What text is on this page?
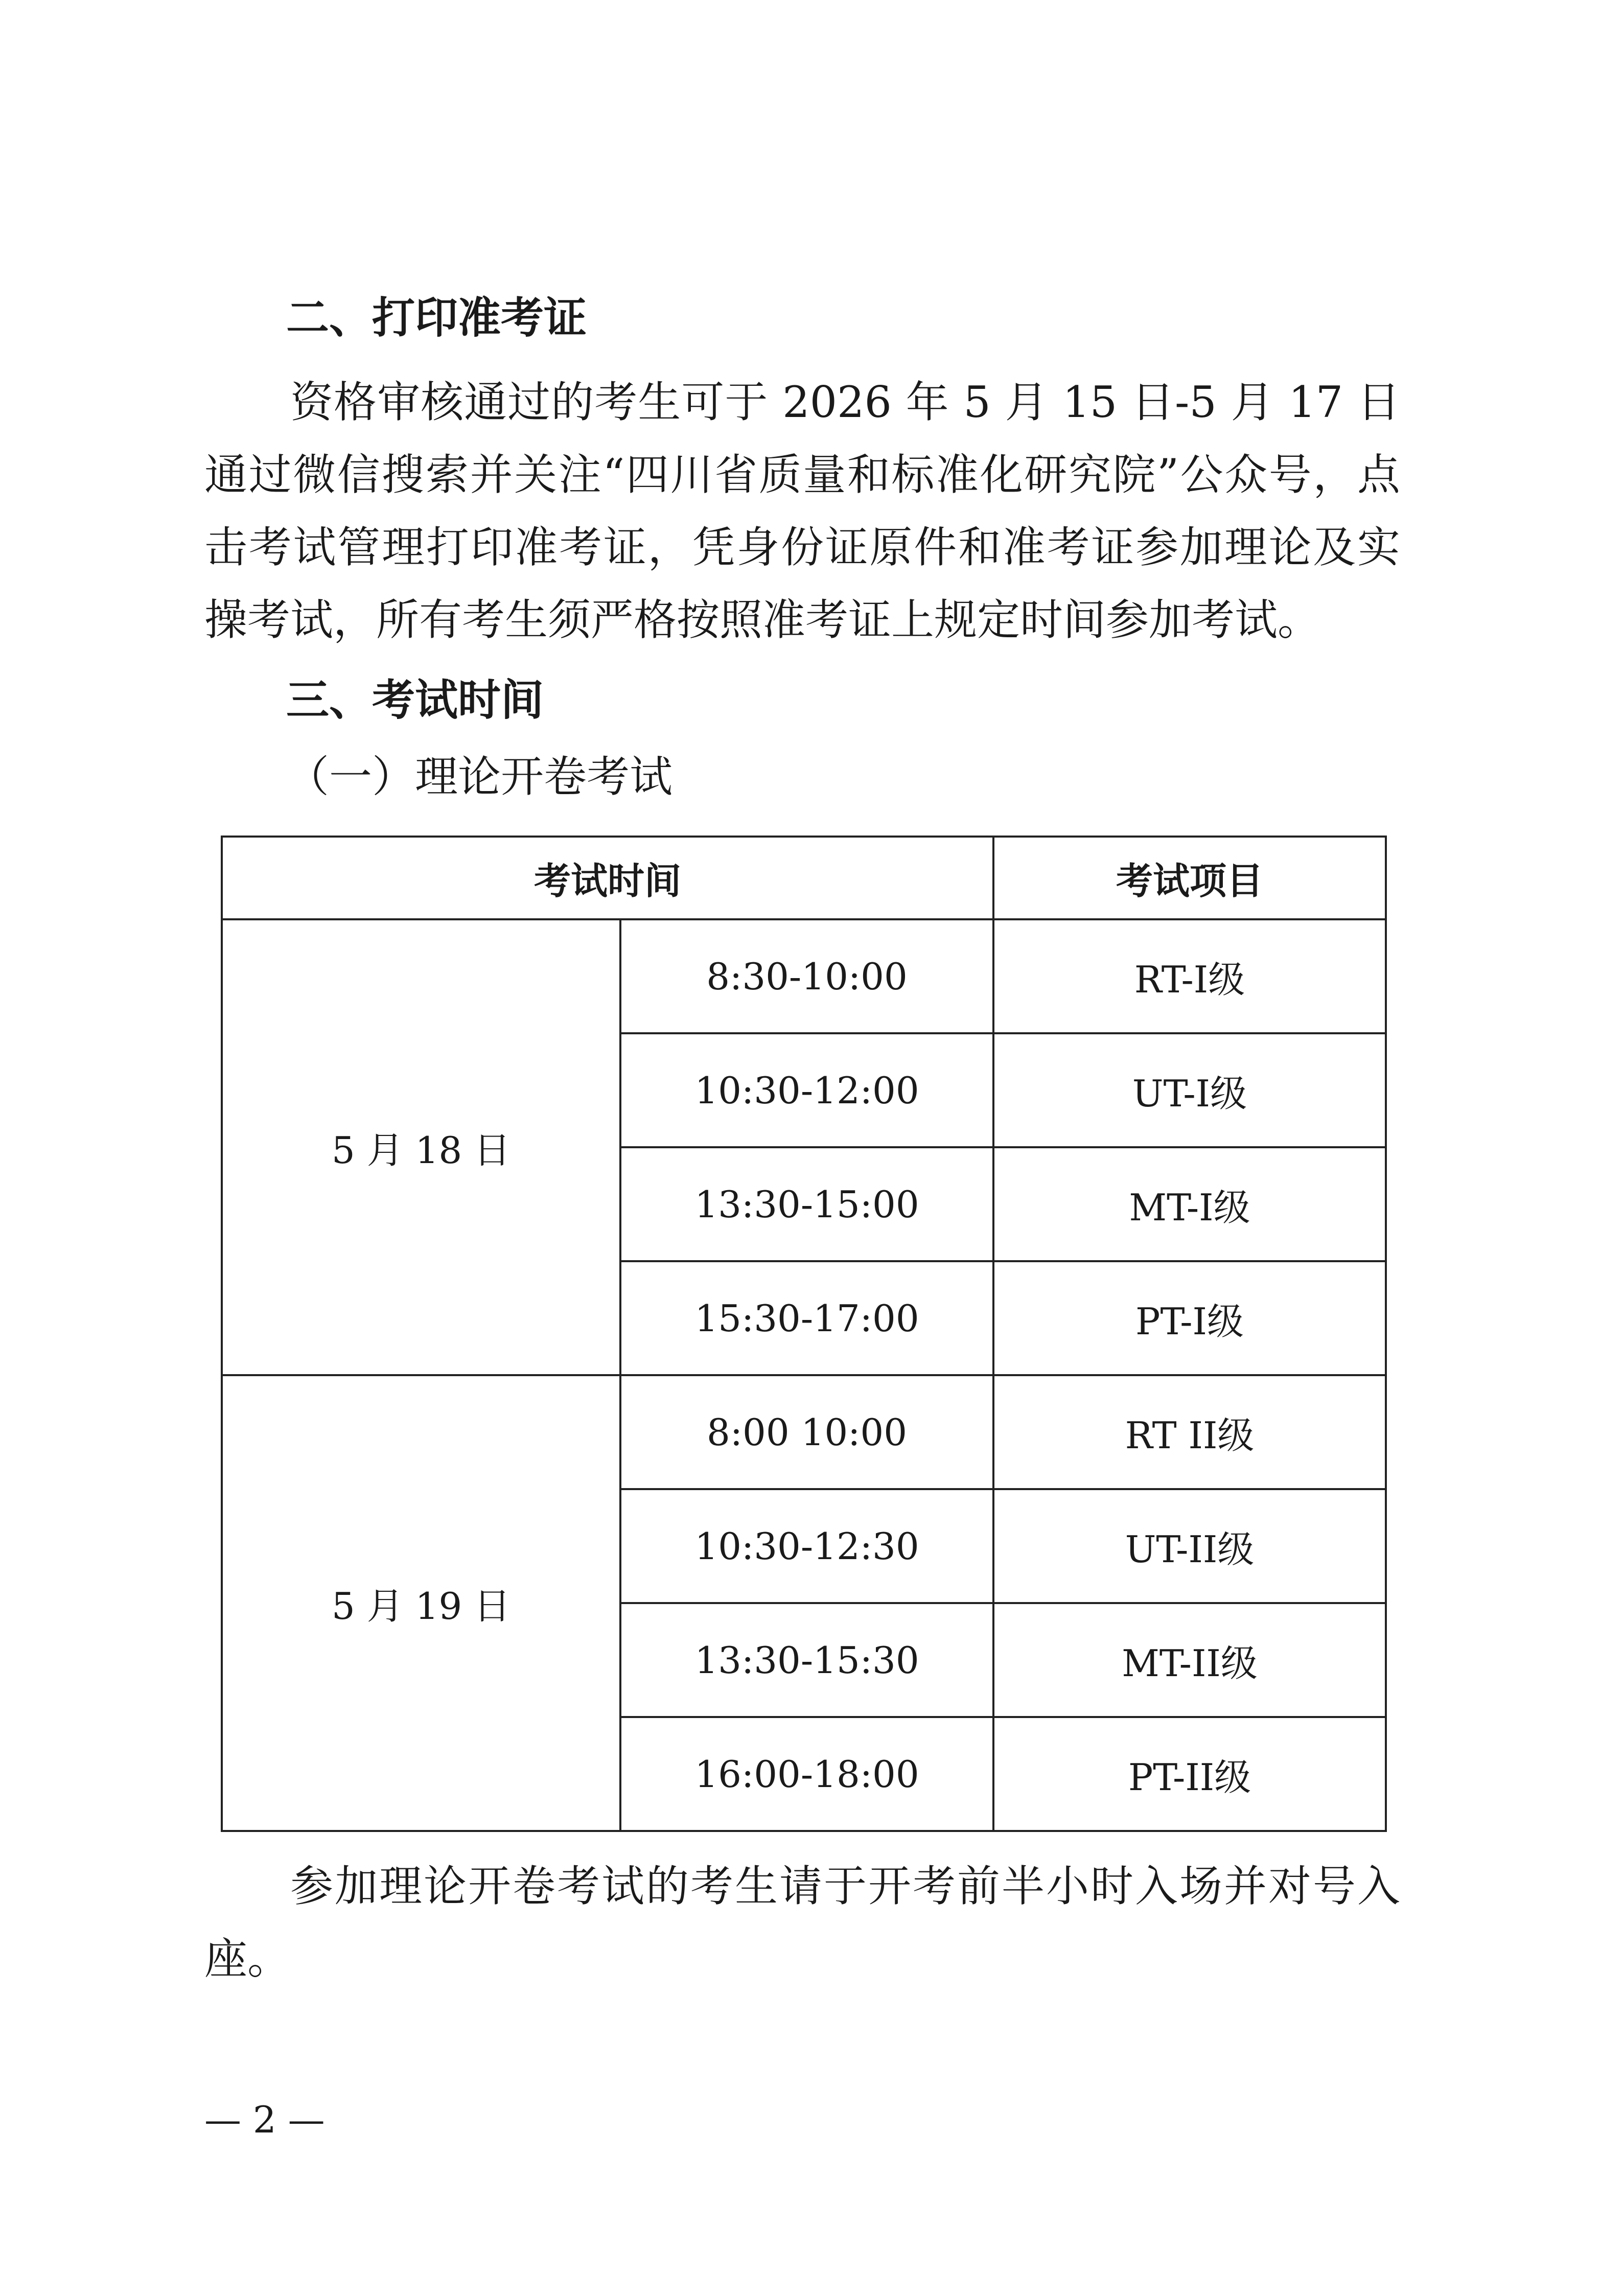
二、打印准考证
资格审核通过的考生可于 2026 年 5 月 15 日-5 月 17 日通过微信搜索并关注“四川省质量和标准化研究院”公众号，点击考试管理打印准考证，凭身份证原件和准考证参加理论及实操考试，所有考生须严格按照准考证上规定时间参加考试。
三、考试时间
（一）理论开卷考试
考试时间		考试项目
5 月 18 日	8:30-10:00	RT-I级
	10:30-12:00	UT-I级
	13:30-15:00	MT-I级
	15:30-17:00	PT-I级
5 月 19 日	8:00 10:00	RT II级
	10:30-12:30	UT-II级
	13:30-15:30	MT-II级
	16:00-18:00	PT-II级
参加理论开卷考试的考生请于开考前半小时入场并对号入座。
— 2 —
